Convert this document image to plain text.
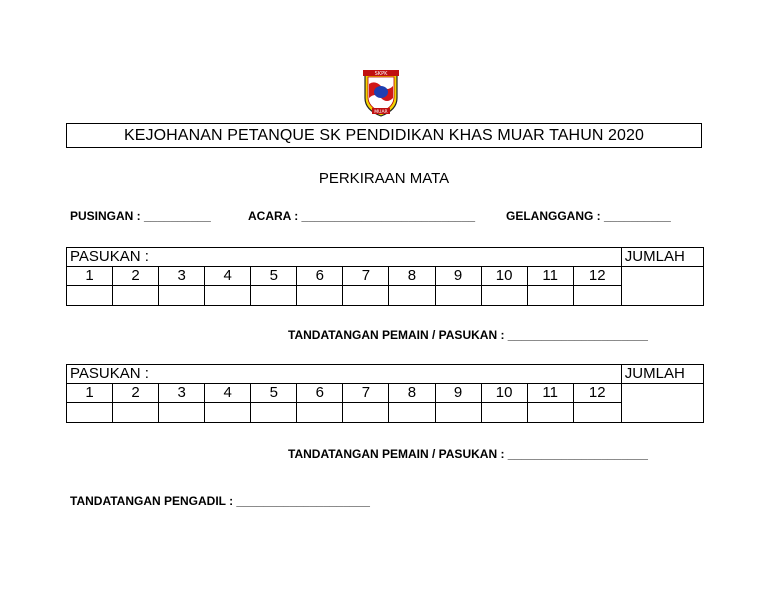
SKPK
MUAR
KEJOHANAN PETANQUE SK PENDIDIKAN KHAS MUAR TAHUN 2020
PERKIRAAN MATA
PUSINGAN : __________	ACARA : __________________________	GELANGGANG : __________
PASUKAN :												JUMLAH
1	2	3	4	5	6	7	8	9	10	11	12	

TANDATANGAN PEMAIN / PASUKAN : _____________________
PASUKAN :												JUMLAH
1	2	3	4	5	6	7	8	9	10	11	12	

TANDATANGAN PEMAIN / PASUKAN : _____________________
TANDATANGAN PENGADIL : ____________________
